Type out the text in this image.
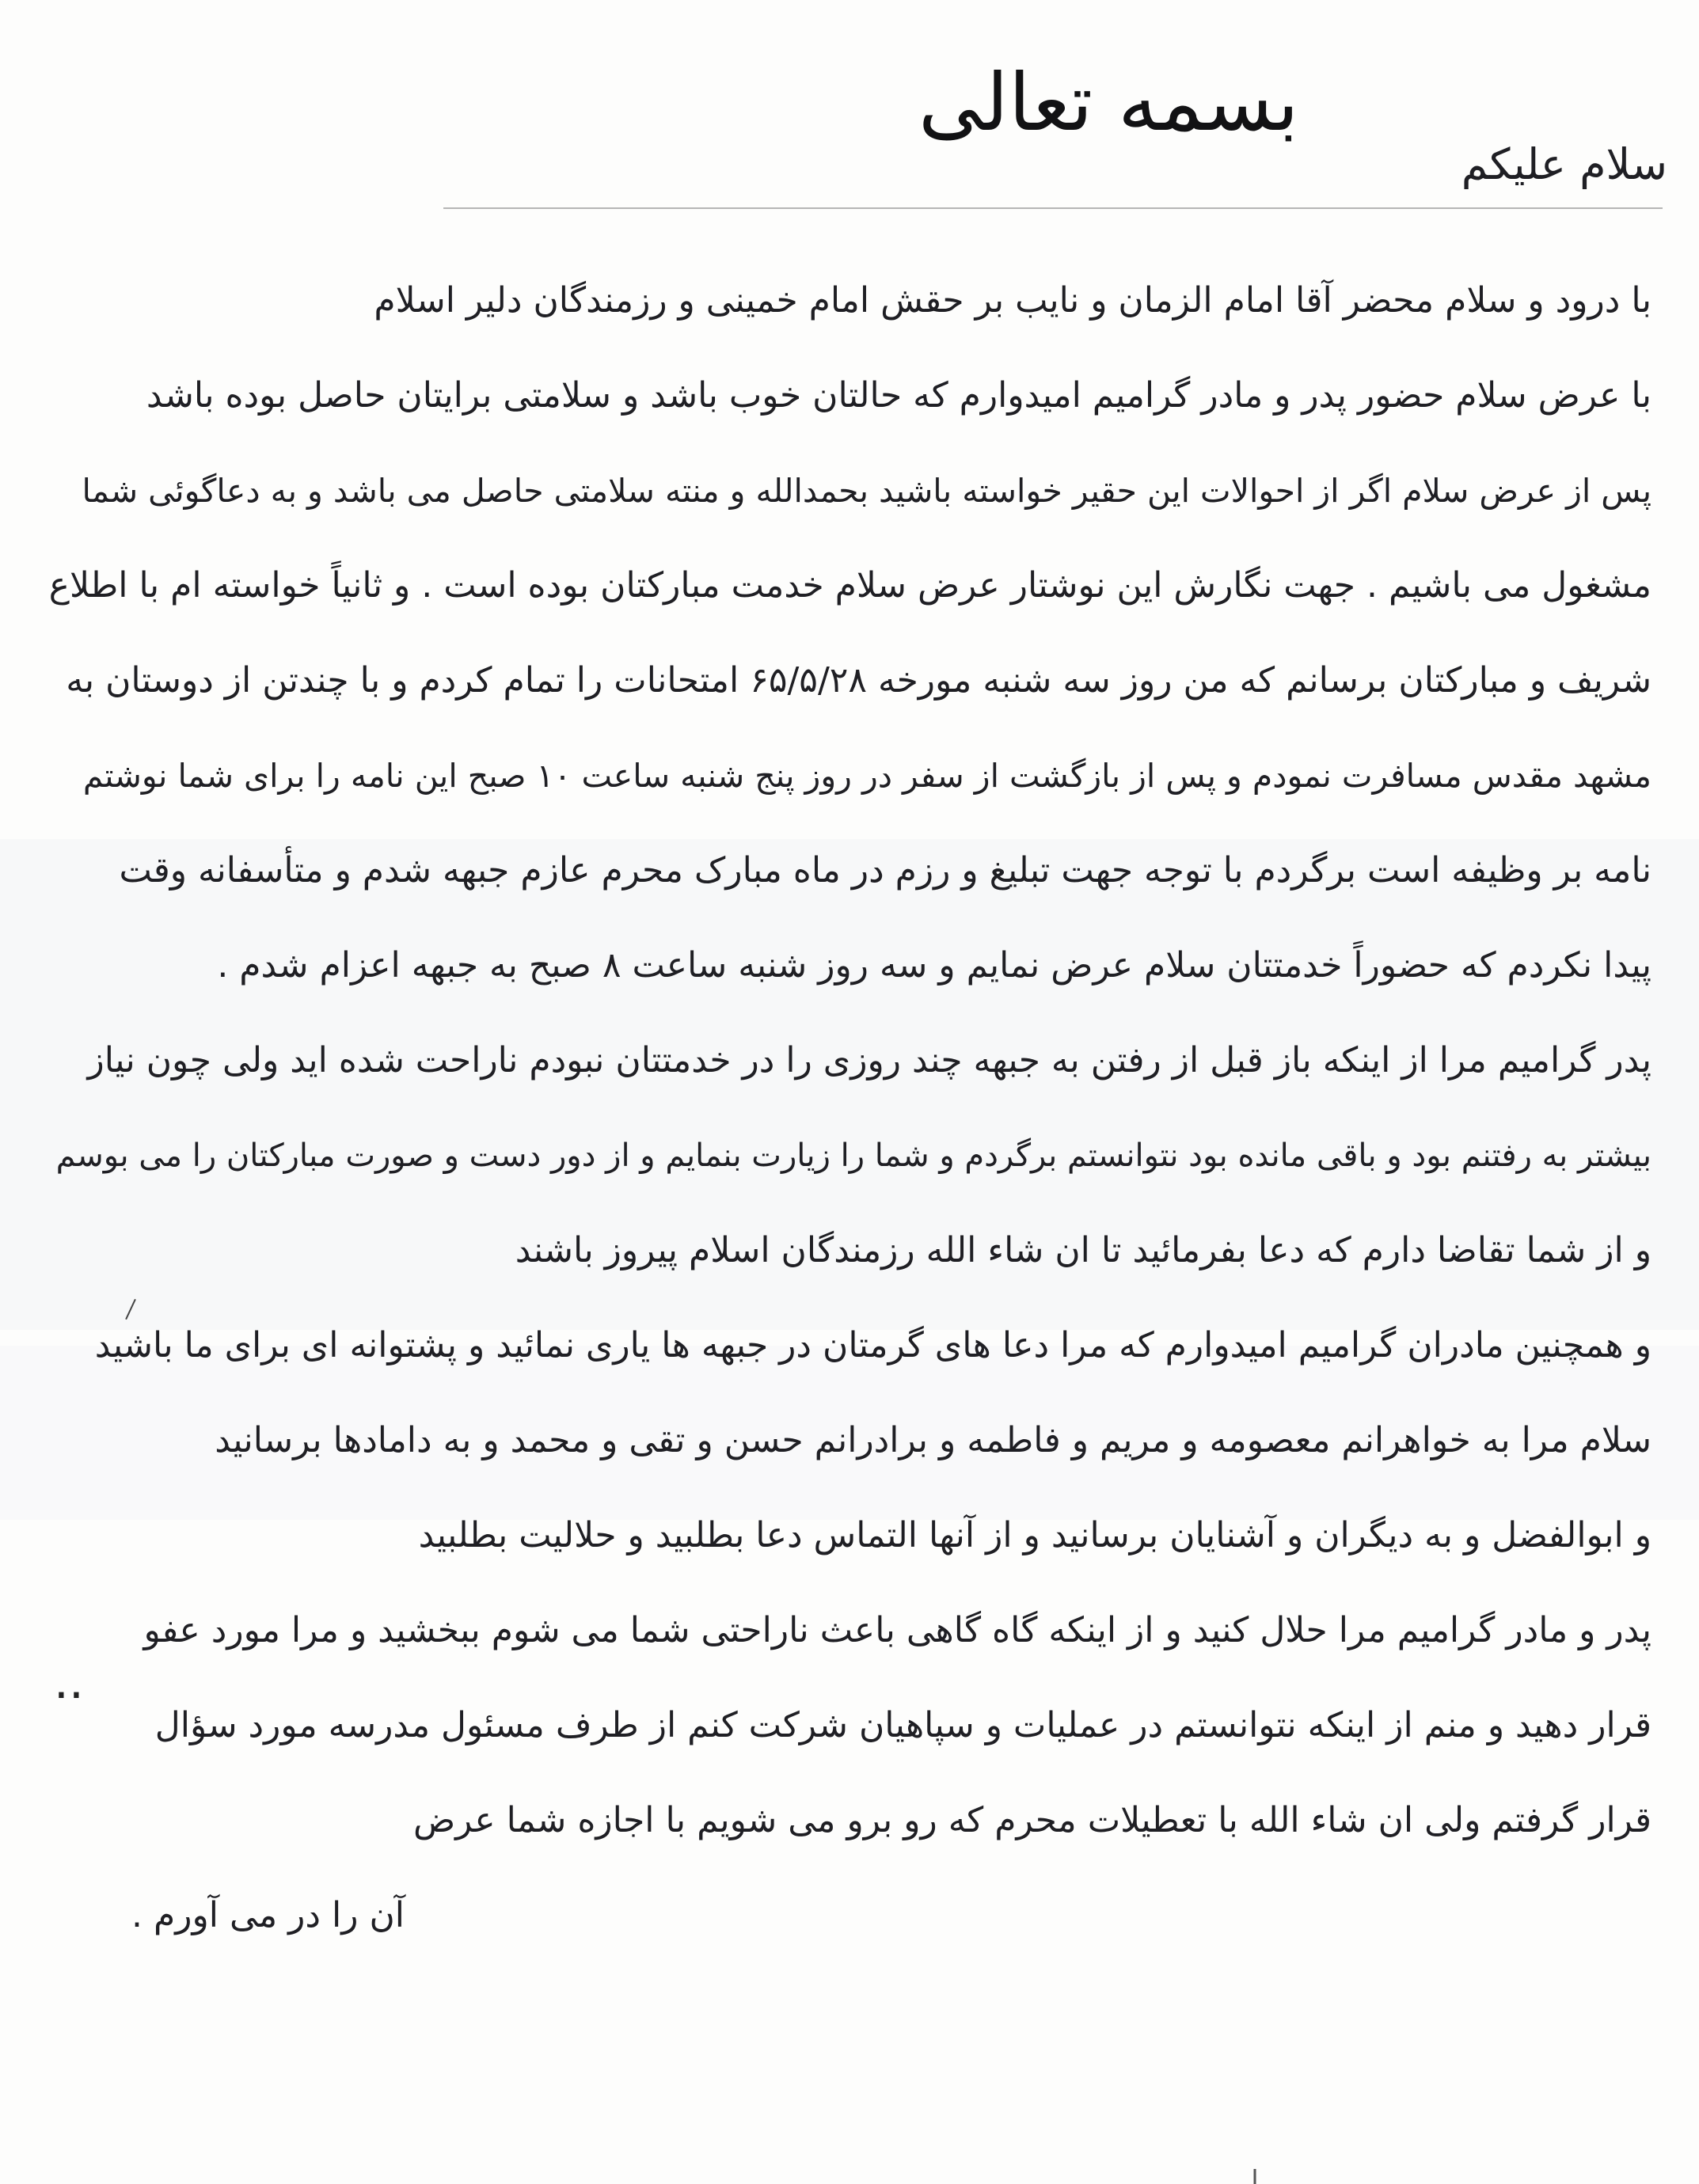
بسمه تعالی
سلام علیکم
با درود و سلام محضر آقا امام الزمان و نایب بر حقش امام خمینی و رزمندگان دلیر اسلام
با عرض سلام حضور پدر و مادر گرامیم امیدوارم که حالتان خوب باشد و سلامتی برایتان حاصل بوده باشد
پس از عرض سلام اگر از احوالات این حقیر خواسته باشید بحمدالله و منته سلامتی حاصل می باشد و به دعاگوئی شما
مشغول می باشیم . جهت نگارش این نوشتار عرض سلام خدمت مبارکتان بوده است . و ثانیاً خواسته ام با اطلاع
شریف و مبارکتان برسانم که من روز سه شنبه مورخه ۶۵/۵/۲۸ امتحانات را تمام کردم و با چندتن از دوستان به
مشهد مقدس مسافرت نمودم و پس از بازگشت از سفر در روز پنج شنبه ساعت ۱۰ صبح این نامه را برای شما نوشتم
نامه بر وظیفه است برگردم با توجه جهت تبلیغ و رزم در ماه مبارک محرم عازم جبهه شدم و متأسفانه وقت
پیدا نکردم که حضوراً خدمتتان سلام عرض نمایم و سه روز شنبه ساعت ۸ صبح به جبهه اعزام شدم .
پدر گرامیم مرا از اینکه باز قبل از رفتن به جبهه چند روزی را در خدمتتان نبودم ناراحت شده اید ولی چون نیاز
بیشتر به رفتنم بود و باقی مانده بود نتوانستم برگردم و شما را زیارت بنمایم و از دور دست و صورت مبارکتان را می بوسم
و از شما تقاضا دارم که دعا بفرمائید تا ان شاء الله رزمندگان اسلام پیروز باشند
و همچنین مادران گرامیم امیدوارم که مرا دعا های گرمتان در جبهه ها یاری نمائید و پشتوانه ای برای ما باشید
سلام مرا به خواهرانم معصومه و مریم و فاطمه و برادرانم حسن و تقی و محمد و به دامادها برسانید
و ابوالفضل و به دیگران و آشنایان برسانید و از آنها التماس دعا بطلبید و حلالیت بطلبید
پدر و مادر گرامیم مرا حلال کنید و از اینکه گاه گاهی باعث ناراحتی شما می شوم ببخشید و مرا مورد عفو
قرار دهید و منم از اینکه نتوانستم در عملیات و سپاهیان شرکت کنم از طرف مسئول مدرسه مورد سؤال
قرار گرفتم ولی ان شاء الله با تعطیلات محرم که رو برو می شویم با اجازه شما عرض
آن را در می آورم .
··
